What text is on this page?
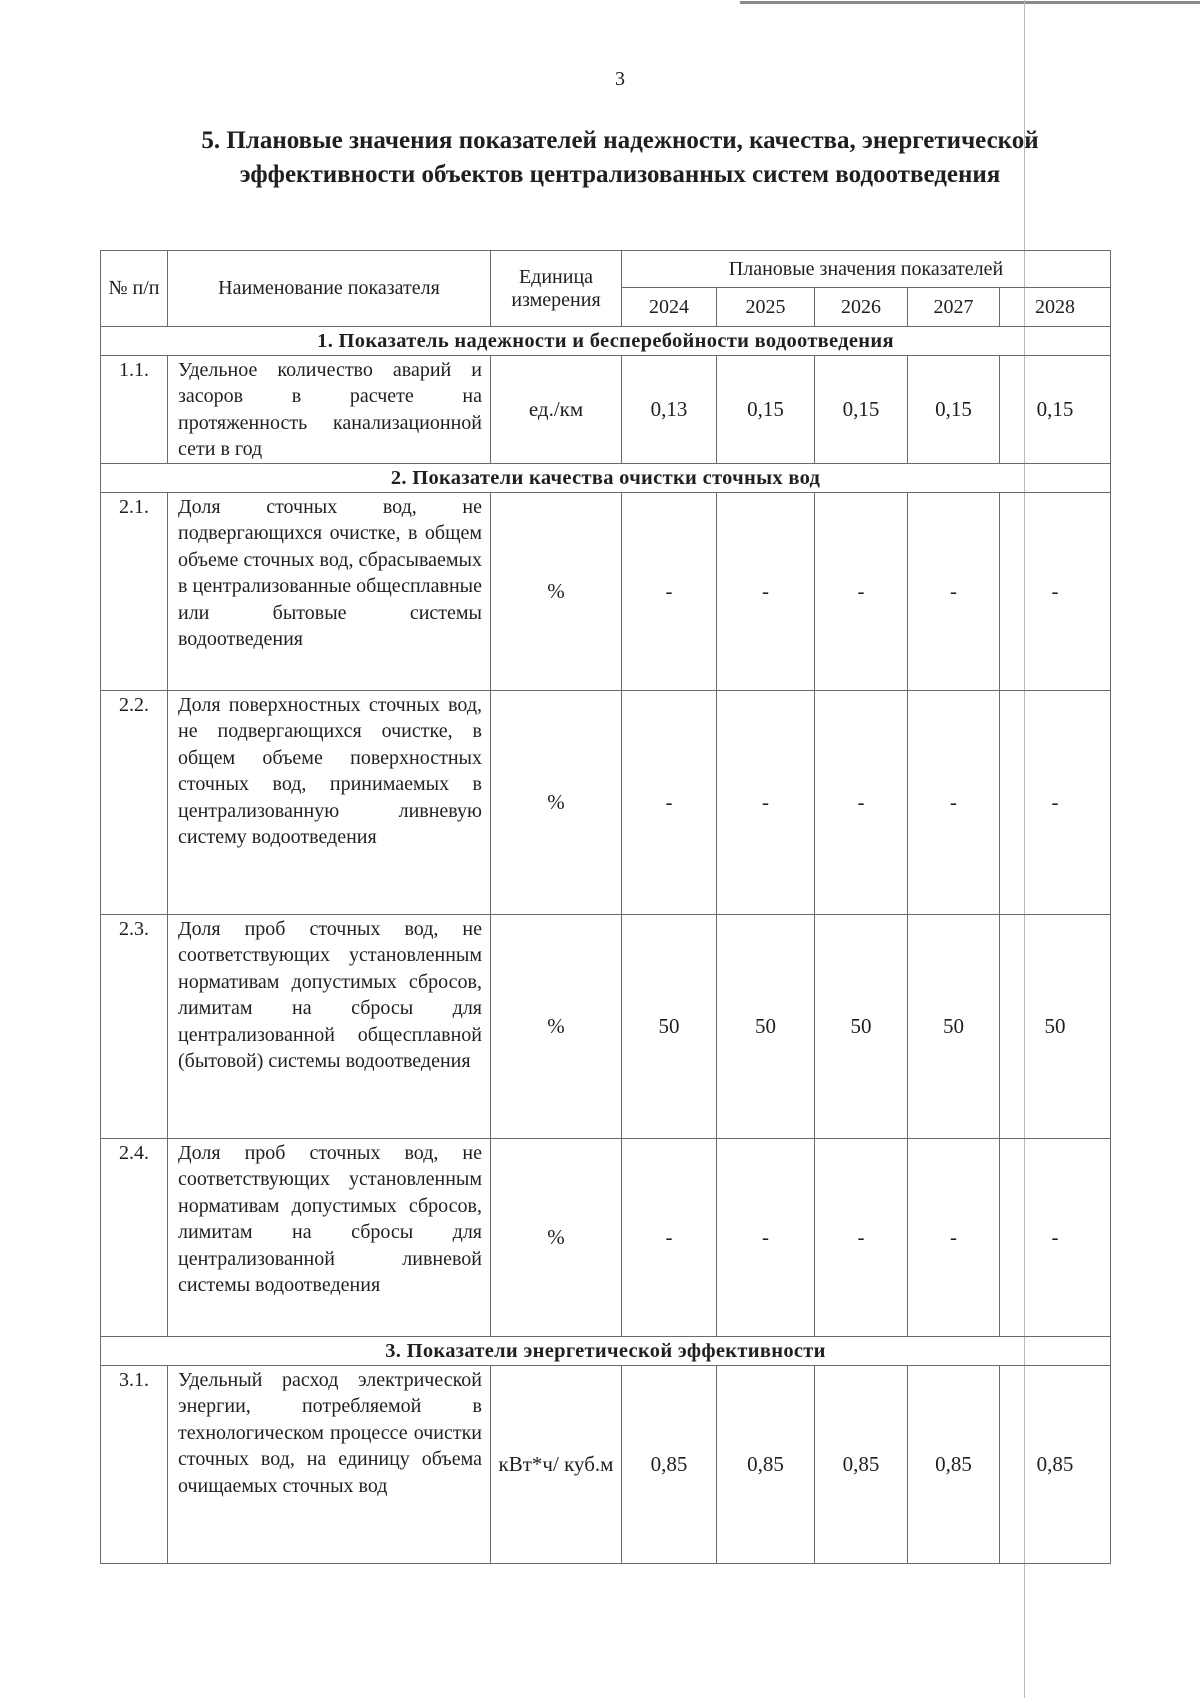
3
5. Плановые значения показателей надежности, качества, энергетической эффективности объектов централизованных систем водоотведения
№ п/п	Наименование показателя	Единица измерения	Плановые значения показателей				
			2024	2025	2026	2027	2028
1. Показатель надежности и бесперебойности водоотведения							
1.1.	Удельное количество аварий и засоров в расчете на протяженность канализационной сети в год	ед./км	0,13	0,15	0,15	0,15	0,15
2. Показатели качества очистки сточных вод							
2.1.	Доля сточных вод, не подвергающихся очистке, в общем объеме сточных вод, сбрасываемых в централизованные общесплавные или бытовые системы водоотведения	%	-	-	-	-	-
2.2.	Доля поверхностных сточных вод, не подвергающихся очистке, в общем объеме поверхностных сточных вод, принимаемых в централизованную ливневую систему водоотведения	%	-	-	-	-	-
2.3.	Доля проб сточных вод, не соответствующих установленным нормативам допустимых сбросов, лимитам на сбросы для централизованной общесплавной (бытовой) системы водоотведения	%	50	50	50	50	50
2.4.	Доля проб сточных вод, не соответствующих установленным нормативам допустимых сбросов, лимитам на сбросы для централизованной ливневой системы водоотведения	%	-	-	-	-	-
3. Показатели энергетической эффективности							
3.1.	Удельный расход электрической энергии, потребляемой в технологическом процессе очистки сточных вод, на единицу объема очищаемых сточных вод	кВт*ч/ куб.м	0,85	0,85	0,85	0,85	0,85
